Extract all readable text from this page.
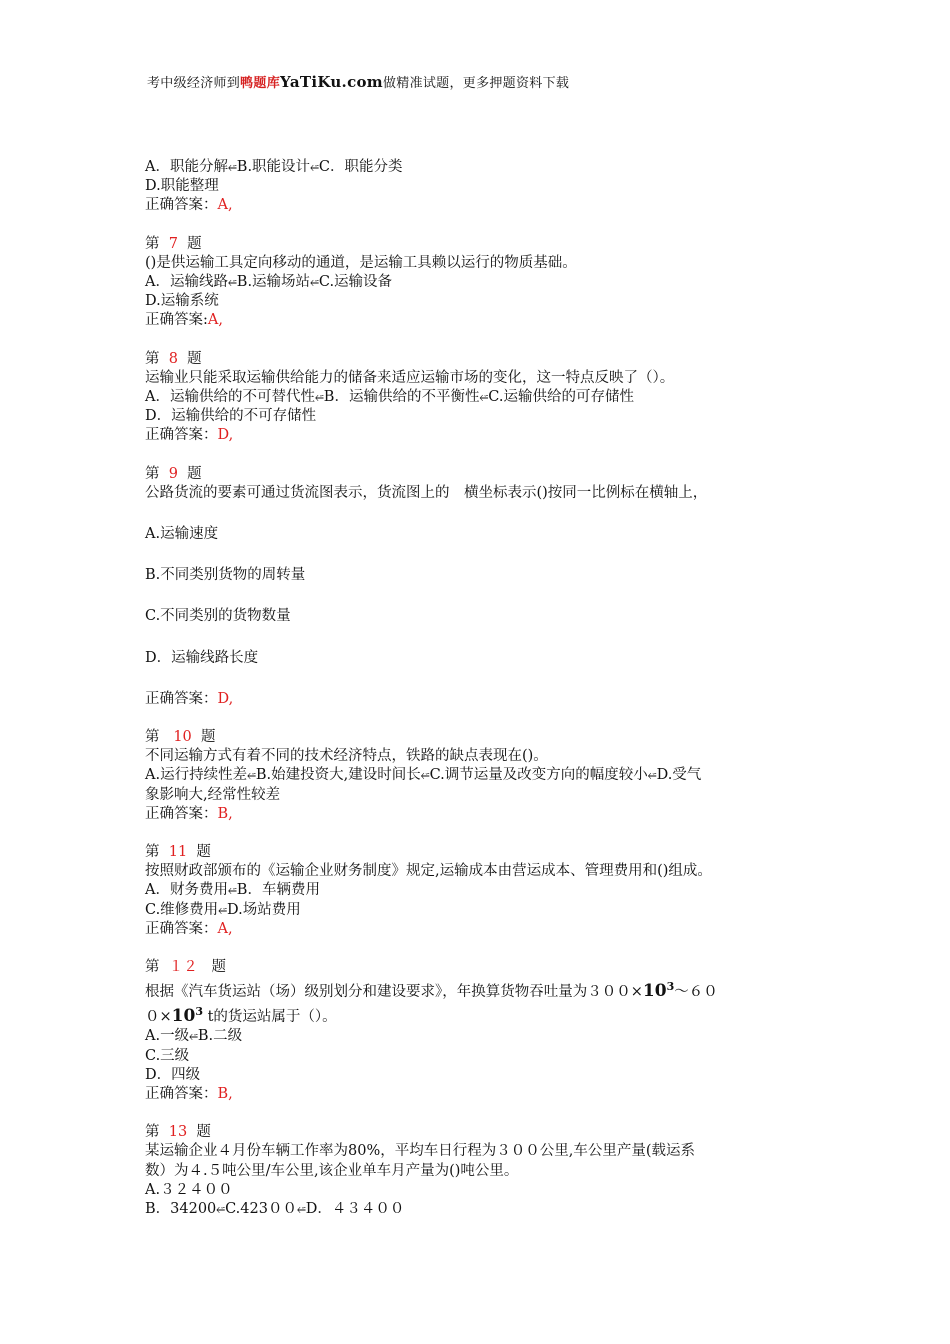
考中级经济师到鸭题库YaTiKu.com做精准试题，更多押题资料下载
A．职能分解⭁B.职能设计⭁C．职能分类
D.职能整理
正确答案：A,
第 7 题
()是供运输工具定向移动的通道，是运输工具赖以运行的物质基础。
A．运输线路⭁B.运输场站⭁C.运输设备
D.运输系统
正确答案:A,
第 8 题
运输业只能采取运输供给能力的储备来适应运输市场的变化，这一特点反映了（）。
A．运输供给的不可替代性⭁B．运输供给的不平衡性⭁C.运输供给的可存储性
D．运输供给的不可存储性
正确答案：D,
第 9 题
公路货流的要素可通过货流图表示，货流图上的　横坐标表示()按同一比例标在横轴上，
A.运输速度
B.不同类别货物的周转量
C.不同类别的货物数量
D．运输线路长度
正确答案：D,
第 10 题
不同运输方式有着不同的技术经济特点，铁路的缺点表现在()。
A.运行持续性差⭁B.始建投资大,建设时间长⭁C.调节运量及改变方向的幅度较小⭁D.受气
象影响大,经常性较差
正确答案：B,
第 11 题
按照财政部颁布的《运输企业财务制度》规定,运输成本由营运成本、管理费用和()组成。
A．财务费用⭁B．车辆费用
C.维修费用⭁D.场站费用
正确答案：A,
第 １２ 题
根据《汽车货运站（场）级别划分和建设要求》，年换算货物吞吐量为$300\times 10^3\sim 60$
$0\times 10^3$ t的货运站属于（）。
A.一级⭁B.二级
C.三级
D．四级
正确答案：B,
第 13 题
某运输企业４月份车辆工作率为80%，平均车日行程为３００公里,车公里产量(载运系
数）为４.５吨公里/车公里,该企业单车月产量为()吨公里。
A.３２４００
B．34200⭁C.423００⭁D．４３４００
